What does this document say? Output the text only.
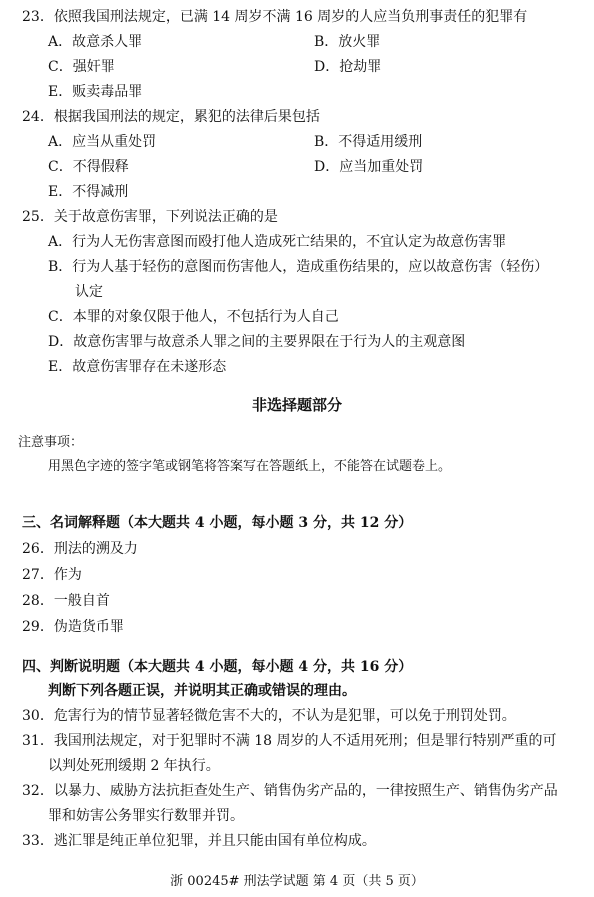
23．依照我国刑法规定，已满 14 周岁不满 16 周岁的人应当负刑事责任的犯罪有
A．故意杀人罪	B．放火罪
C．强奸罪	D．抢劫罪
E．贩卖毒品罪
24．根据我国刑法的规定，累犯的法律后果包括
A．应当从重处罚	B．不得适用缓刑
C．不得假释	D．应当加重处罚
E．不得减刑
25．关于故意伤害罪，下列说法正确的是
A．行为人无伤害意图而殴打他人造成死亡结果的，不宜认定为故意伤害罪
B．行为人基于轻伤的意图而伤害他人，造成重伤结果的，应以故意伤害（轻伤）
认定
C．本罪的对象仅限于他人，不包括行为人自己
D．故意伤害罪与故意杀人罪之间的主要界限在于行为人的主观意图
E．故意伤害罪存在未遂形态
非选择题部分
注意事项：
用黑色字迹的签字笔或钢笔将答案写在答题纸上，不能答在试题卷上。
三、名词解释题（本大题共 4 小题，每小题 3 分，共 12 分）
26．刑法的溯及力
27．作为
28．一般自首
29．伪造货币罪
四、判断说明题（本大题共 4 小题，每小题 4 分，共 16 分）
判断下列各题正误，并说明其正确或错误的理由。
30．危害行为的情节显著轻微危害不大的，不认为是犯罪，可以免于刑罚处罚。
31．我国刑法规定，对于犯罪时不满 18 周岁的人不适用死刑；但是罪行特别严重的可
以判处死刑缓期 2 年执行。
32．以暴力、威胁方法抗拒查处生产、销售伪劣产品的，一律按照生产、销售伪劣产品
罪和妨害公务罪实行数罪并罚。
33．逃汇罪是纯正单位犯罪，并且只能由国有单位构成。
浙 00245# 刑法学试题 第 4 页（共 5 页）
